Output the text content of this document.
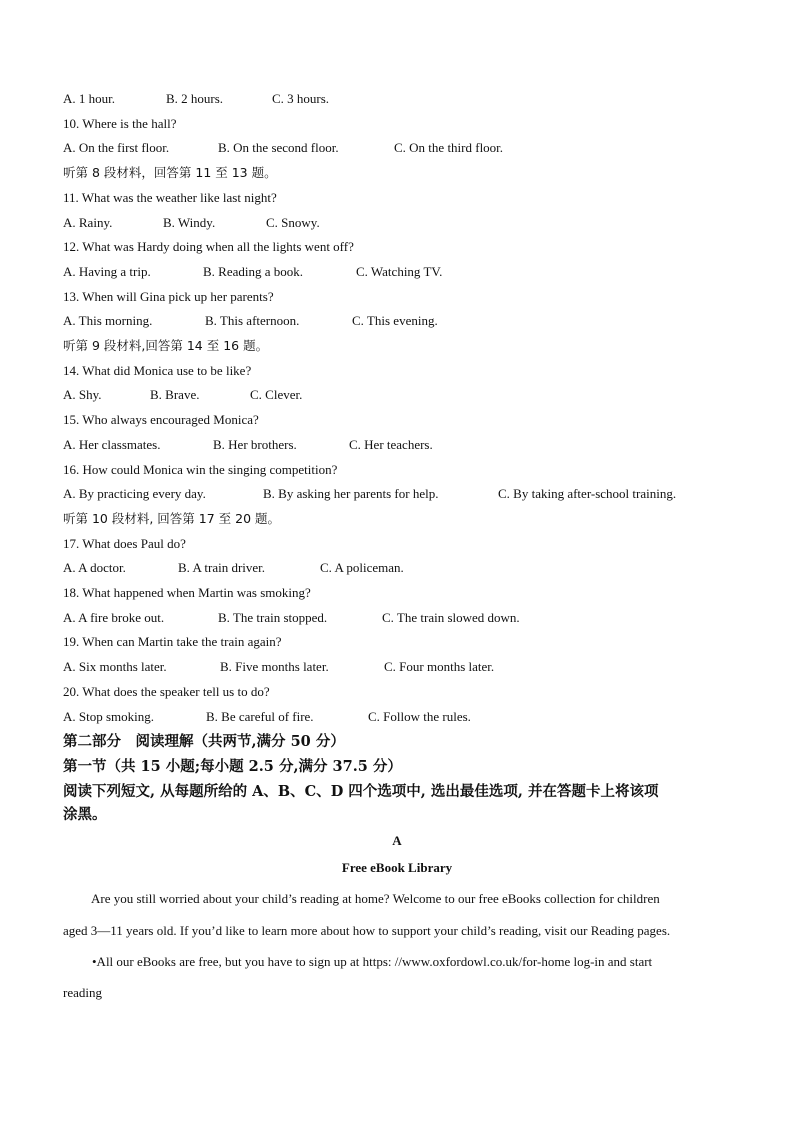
A. 1 hour.	B. 2 hours.	C. 3 hours.
10. Where is the hall?
A. On the first floor.	B. On the second floor.	C. On the third floor.
听第 8 段材料，回答第 11 至 13 题。
11. What was the weather like last night?
A. Rainy.	B. Windy.	C. Snowy.
12. What was Hardy doing when all the lights went off?
A. Having a trip.	B. Reading a book.	C. Watching TV.
13. When will Gina pick up her parents?
A. This morning.	B. This afternoon.	C. This evening.
听第 9 段材料,回答第 14 至 16 题。
14. What did Monica use to be like?
A. Shy.	B. Brave.	C. Clever.
15. Who always encouraged Monica?
A. Her classmates.	B. Her brothers.	C. Her teachers.
16. How could Monica win the singing competition?
A. By practicing every day.	B. By asking her parents for help.	C. By taking after-school training.
听第 10 段材料, 回答第 17 至 20 题。
17. What does Paul do?
A. A doctor.	B. A train driver.	C. A policeman.
18. What happened when Martin was smoking?
A. A fire broke out.	B. The train stopped.	C. The train slowed down.
19. When can Martin take the train again?
A. Six months later.	B. Five months later.	C. Four months later.
20. What does the speaker tell us to do?
A. Stop smoking.	B. Be careful of fire.	C. Follow the rules.
第二部分　阅读理解（共两节,满分 50 分）
第一节（共 15 小题;每小题 2.5 分,满分 37.5 分）
阅读下列短文, 从每题所给的 A、B、C、D 四个选项中, 选出最佳选项, 并在答题卡上将该项
涂黑。
A
Free eBook Library
Are you still worried about your child’s reading at home? Welcome to our free eBooks collection for children
aged 3—11 years old. If you’d like to learn more about how to support your child’s reading, visit our Reading pages.
•All our eBooks are free, but you have to sign up at https: //www.oxfordowl.co.uk/for-home log-in and start
reading
